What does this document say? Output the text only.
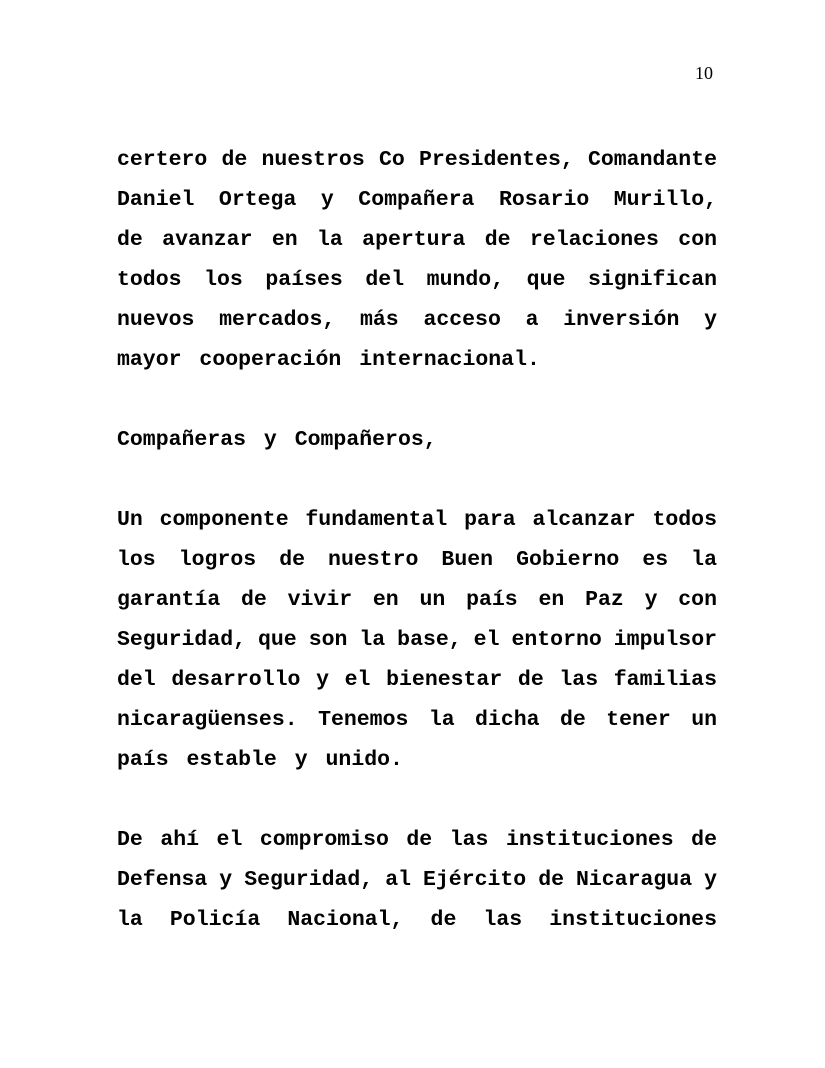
10
certero de nuestros Co Presidentes, Comandante
Daniel Ortega y Compañera Rosario Murillo,
de avanzar en la apertura de relaciones con
todos los países del mundo, que significan
nuevos mercados, más acceso a inversión y
mayor cooperación internacional.
Compañeras y Compañeros,
Un componente fundamental para alcanzar todos
los logros de nuestro Buen Gobierno es la
garantía de vivir en un país en Paz y con
Seguridad, que son la base, el entorno impulsor
del desarrollo y el bienestar de las familias
nicaragüenses. Tenemos la dicha de tener un
país estable y unido.
De ahí el compromiso de las instituciones de
Defensa y Seguridad, al Ejército de Nicaragua y
la Policía Nacional, de las instituciones
